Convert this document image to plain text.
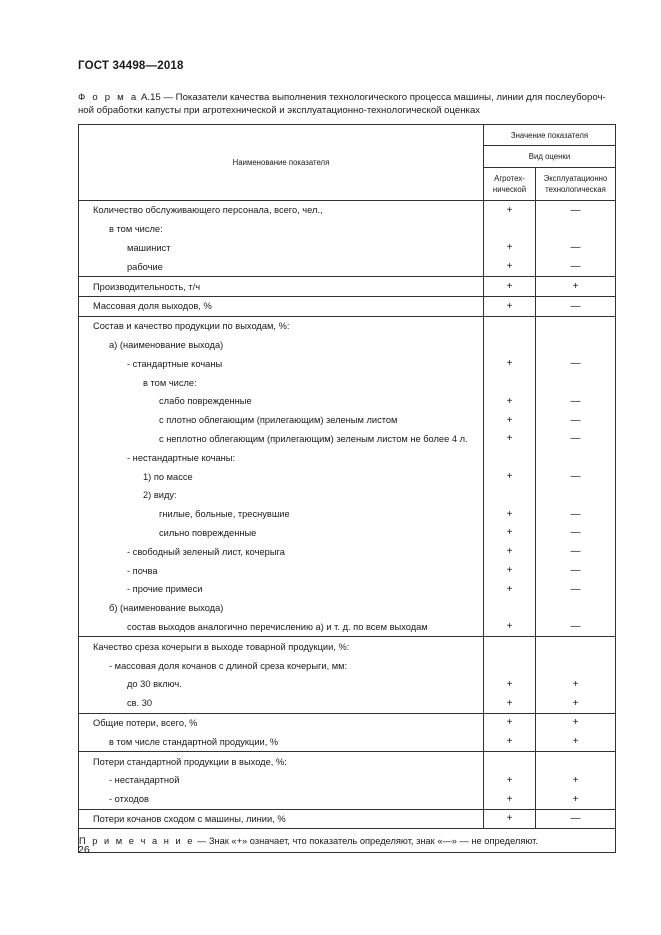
ГОСТ 34498—2018
Ф о р м а А.15 — Показатели качества выполнения технологического процесса машины, линии для послеубороч-ной обработки капусты при агротехнической и эксплуатационно-технологической оценках
Наименование показателя	Значение показателя	
	Вид оценки	
	Агротех-нической	Эксплуатационно технологическая
Количество обслуживающего персонала, всего, чел.,	+	—
в том числе:		
машинист	+	—
рабочие	+	—
Производительность, т/ч	+	+
Массовая доля выходов, %	+	—
Состав и качество продукции по выходам, %:		
а) (наименование выхода)		
- стандартные кочаны	+	—
в том числе:		
слабо поврежденные	+	—
с плотно облегающим (прилегающим) зеленым листом	+	—
с неплотно облегающим (прилегающим) зеленым листом не более 4 л.	+	—
- нестандартные кочаны:		
1) по массе	+	—
2) виду:		
гнилые, больные, треснувшие	+	—
сильно поврежденные	+	—
- свободный зеленый лист, кочерыга	+	—
- почва	+	—
- прочие примеси	+	—
б) (наименование выхода)		
состав выходов аналогично перечислению а) и т. д. по всем выходам	+	—
Качество среза кочерыги в выходе товарной продукции, %:		
- массовая доля кочанов с длиной среза кочерыги, мм:		
до 30 включ.	+	+
св. 30	+	+
Общие потери, всего, %	+	+
в том числе стандартной продукции, %	+	+
Потери стандартной продукции в выходе, %:		
- нестандартной	+	+
- отходов	+	+
Потери кочанов сходом с машины, линии, %	+	—
П р и м е ч а н и е — Знак «+» означает, что показатель определяют, знак «—» — не определяют.		
26
